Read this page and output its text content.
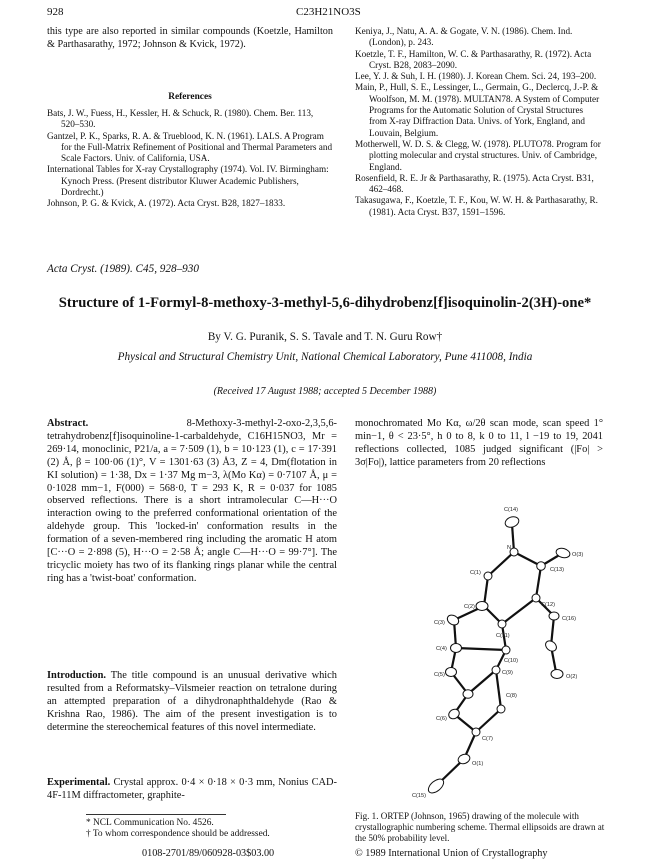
928	C23H21NO3S
this type are also reported in similar compounds (Koetzle, Hamilton & Parthasarathy, 1972; Johnson & Kvick, 1972).

References

Bats, J. W., Fuess, H., Kessler, H. & Schuck, R. (1980). Chem. Ber. 113, 520–530.

Gantzel, P. K., Sparks, R. A. & Trueblood, K. N. (1961). LALS. A Program for the Full-Matrix Refinement of Positional and Thermal Parameters and Scale Factors. Univ. of California, USA.

International Tables for X-ray Crystallography (1974). Vol. IV. Birmingham: Kynoch Press. (Present distributor Kluwer Academic Publishers, Dordrecht.)

Johnson, P. G. & Kvick, A. (1972). Acta Cryst. B28, 1827–1833.

Keniya, J., Natu, A. A. & Gogate, V. N. (1986). Chem. Ind. (London), p. 243.

Koetzle, T. F., Hamilton, W. C. & Parthasarathy, R. (1972). Acta Cryst. B28, 2083–2090.

Lee, Y. J. & Suh, I. H. (1980). J. Korean Chem. Sci. 24, 193–200.

Main, P., Hull, S. E., Lessinger, L., Germain, G., Declercq, J.-P. & Woolfson, M. M. (1978). MULTAN78. A System of Computer Programs for the Automatic Solution of Crystal Structures from X-ray Diffraction Data. Univs. of York, England, and Louvain, Belgium.

Motherwell, W. D. S. & Clegg, W. (1978). PLUTO78. Program for plotting molecular and crystal structures. Univ. of Cambridge, England.

Rosenfield, R. E. Jr & Parthasarathy, R. (1975). Acta Cryst. B31, 462–468.

Takasugawa, F., Koetzle, T. F., Kou, W. W. H. & Parthasarathy, R. (1981). Acta Cryst. B37, 1591–1596.

Acta Cryst. (1989). C45, 928–930
Structure of 1-Formyl-8-methoxy-3-methyl-5,6-dihydrobenz[f]isoquinolin-2(3H)-one*
By V. G. Puranik, S. S. Tavale and T. N. Guru Row†
Physical and Structural Chemistry Unit, National Chemical Laboratory, Pune 411008, India
(Received 17 August 1988; accepted 5 December 1988)
Abstract.	8-Methoxy-3-methyl-2-oxo-2,3,5,6-tetrahydrobenz[f]isoquinoline-1-carbaldehyde, C16H15NO3, Mr = 269·14, monoclinic, P21/a, a = 7·509 (1), b = 10·123 (1), c = 17·391 (2) Å, β = 100·06 (1)°, V = 1301·63 (3) Å3, Z = 4, Dm(flotation in KI solution) = 1·38, Dx = 1·37 Mg m−3, λ(Mo Kα) = 0·7107 Å, μ = 0·1028 mm−1, F(000) = 568·0, T = 293 K, R = 0·037 for 1085 observed reflections. There is a short intramolecular C—H···O interaction owing to the preferred conformational orientation of the aldehyde group. This 'locked-in' conformation results in the formation of a seven-membered ring including the aromatic H atom [C···O = 2·898 (5), H···O = 2·58 Å; angle C—H···O = 99·7°]. The tricyclic moiety has two of its flanking rings planar while the central ring has a 'twist-boat' conformation.
Introduction. The title compound is an unusual derivative which resulted from a Reformatsky–Vilsmeier reaction on tetralone during an attempted preparation of a dihydronaphthaldehyde (Rao & Krishna Rao, 1986). The aim of the present investigation is to determine the stereochemical features of this novel intermediate.
Experimental. Crystal approx. 0·4 × 0·18 × 0·3 mm, Nonius CAD-4F-11M diffractometer, graphite-
* NCL Communication No. 4526.
† To whom correspondence should be addressed.
monochromated Mo Kα, ω/2θ scan mode, scan speed 1° min−1, θ < 23·5°, h 0 to 8, k 0 to 11, l −19 to 19, 2041 reflections collected, 1085 judged significant (|Fo| > 3σ|Fo|), lattice parameters from 20 reflections
C(14)
N
O(3)
C(1)	C(13)
C(2)
C(11)
C(12)
C(3)
C(16)
C(10)
C(4)
C(9)
O(2)
C(5)
C(8)
C(6)
C(7)
O(1)
C(15)
Fig. 1. ORTEP (Johnson, 1965) drawing of the molecule with crystallographic numbering scheme. Thermal ellipsoids are drawn at the 50% probability level.
0108-2701/89/060928-03$03.00	© 1989 International Union of Crystallography
